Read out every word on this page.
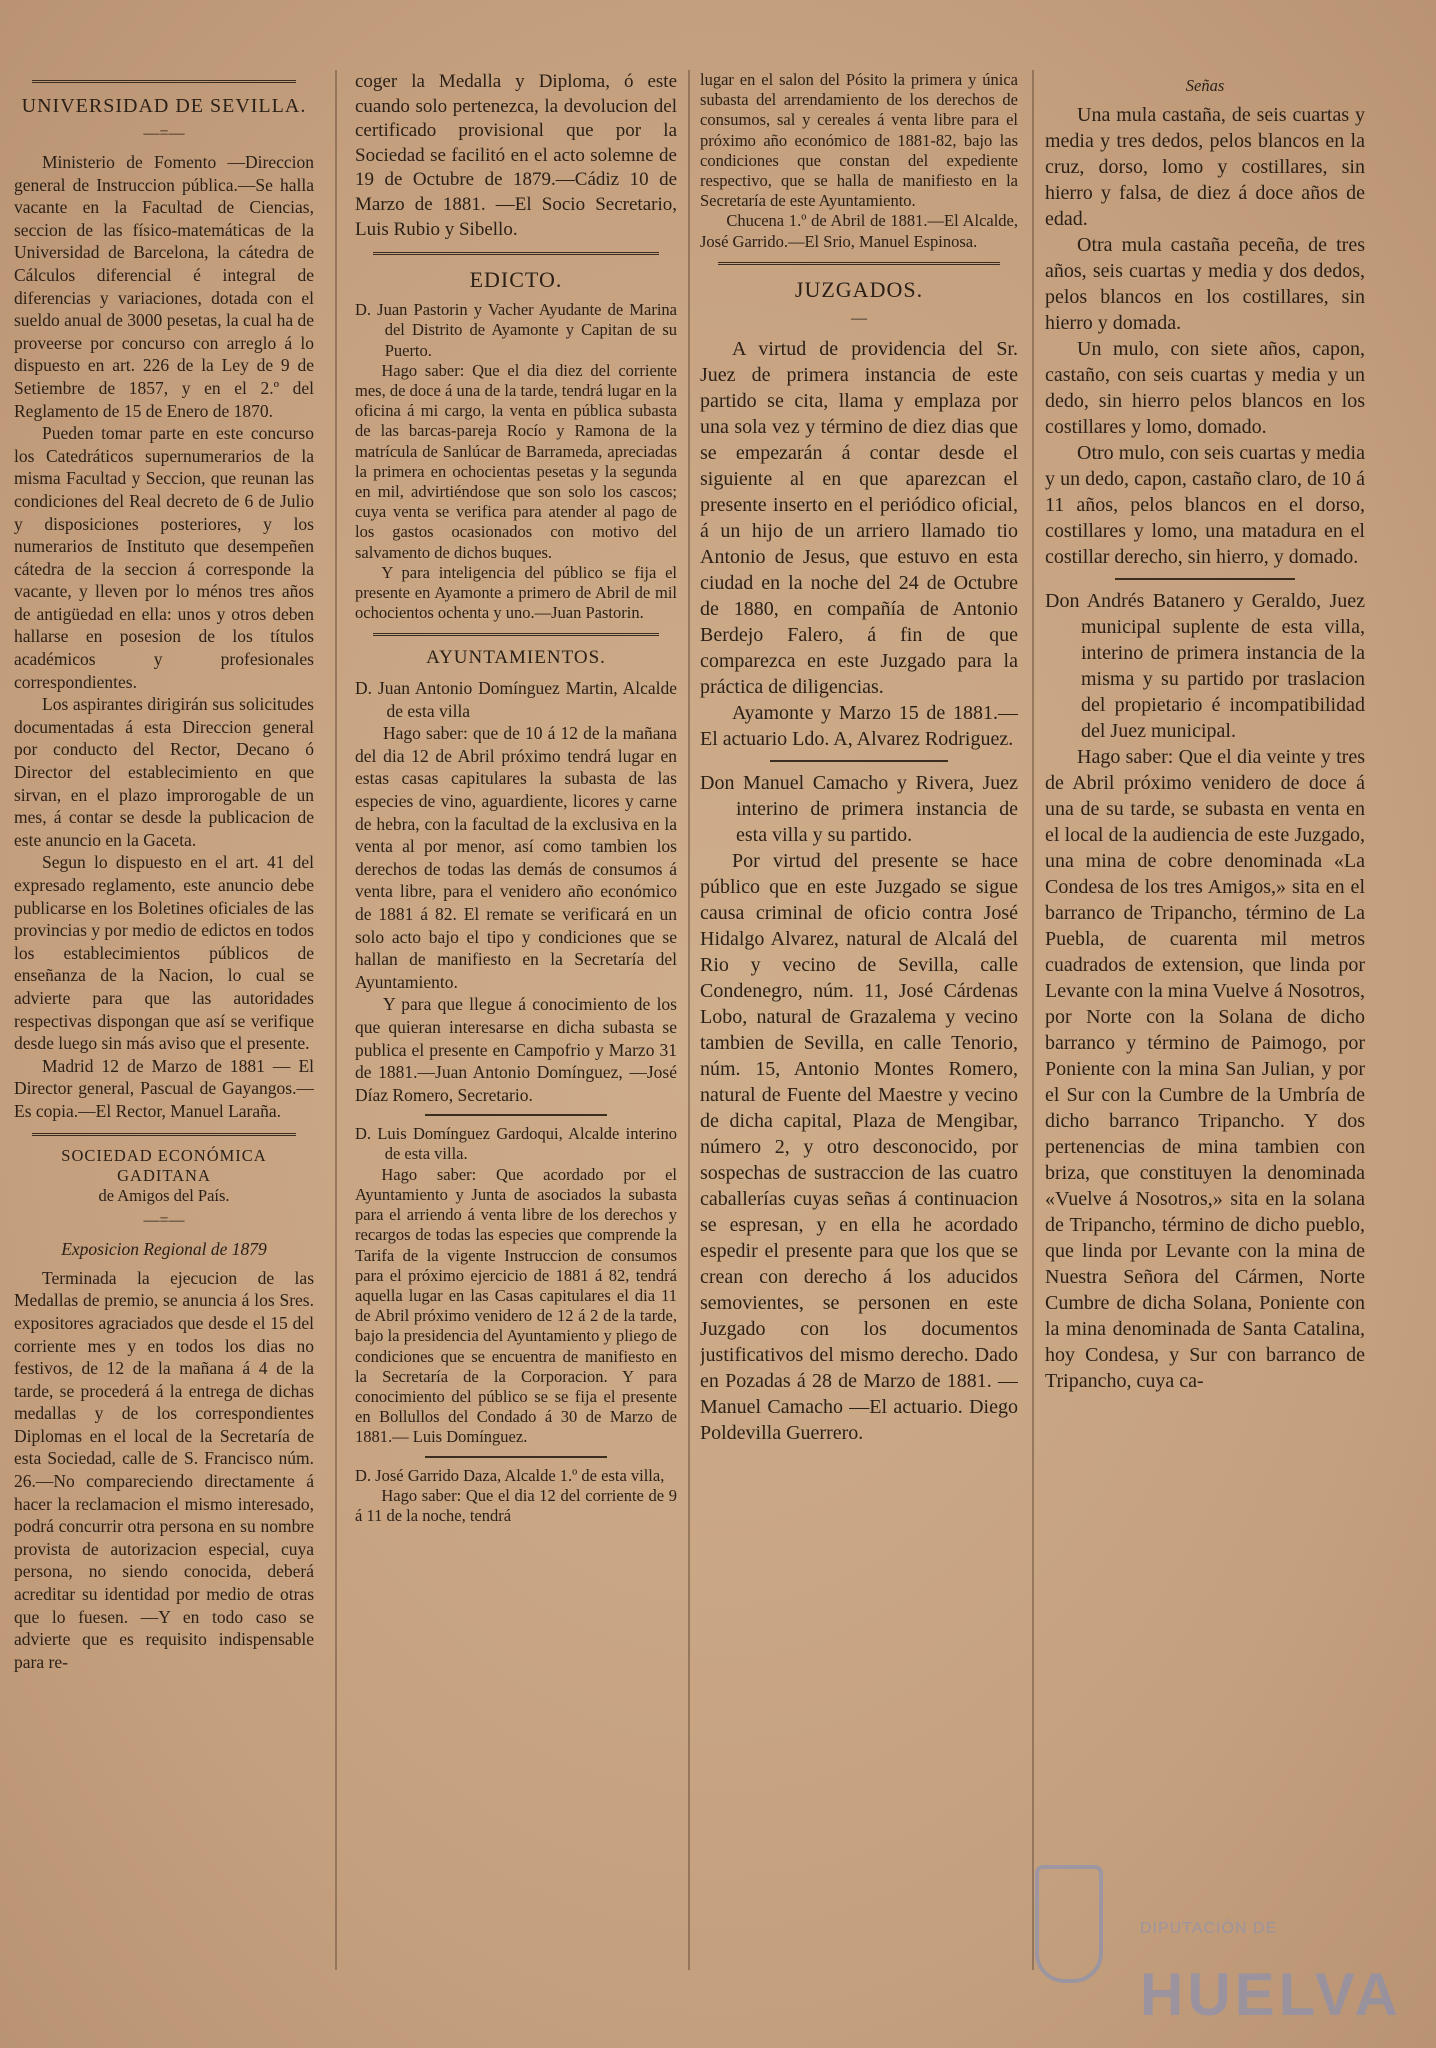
UNIVERSIDAD DE SEVILLA.
—=—

Ministerio de Fomento —Direccion general de Instruccion pública.—Se halla vacante en la Facultad de Ciencias, seccion de las físico-matemáticas de la Universidad de Barcelona, la cátedra de Cálculos diferencial é integral de diferencias y variaciones, dotada con el sueldo anual de 3000 pesetas, la cual ha de proveerse por concurso con arreglo á lo dispuesto en art. 226 de la Ley de 9 de Setiembre de 1857, y en el 2.º del Reglamento de 15 de Enero de 1870.

Pueden tomar parte en este concurso los Catedráticos supernumerarios de la misma Facultad y Seccion, que reunan las condiciones del Real decreto de 6 de Julio y disposiciones posteriores, y los numerarios de Instituto que desempeñen cátedra de la seccion á corresponde la vacante, y lleven por lo ménos tres años de antigüedad en ella: unos y otros deben hallarse en posesion de los títulos académicos y profesionales correspondientes.

Los aspirantes dirigirán sus solicitudes documentadas á esta Direccion general por conducto del Rector, Decano ó Director del establecimiento en que sirvan, en el plazo improrogable de un mes, á contar se desde la publicacion de este anuncio en la Gaceta.

Segun lo dispuesto en el art. 41 del expresado reglamento, este anuncio debe publicarse en los Boletines oficiales de las provincias y por medio de edictos en todos los establecimientos públicos de enseñanza de la Nacion, lo cual se advierte para que las autoridades respectivas dispongan que así se verifique desde luego sin más aviso que el presente.

Madrid 12 de Marzo de 1881 — El Director general, Pascual de Gayangos.—Es copia.—El Rector, Manuel Laraña.

SOCIEDAD ECONÓMICA GADITANA
de Amigos del País.
—=—
Exposicion Regional de 1879

Terminada la ejecucion de las Medallas de premio, se anuncia á los Sres. expositores agraciados que desde el 15 del corriente mes y en todos los dias no festivos, de 12 de la mañana á 4 de la tarde, se procederá á la entrega de dichas medallas y de los correspondientes Diplomas en el local de la Secretaría de esta Sociedad, calle de S. Francisco núm. 26.—No compareciendo directamente á hacer la reclamacion el mismo interesado, podrá concurrir otra persona en su nombre provista de autorizacion especial, cuya persona, no siendo conocida, deberá acreditar su identidad por medio de otras que lo fuesen. —Y en todo caso se advierte que es requisito indispensable para re-

coger la Medalla y Diploma, ó este cuando solo pertenezca, la devolucion del certificado provisional que por la Sociedad se facilitó en el acto solemne de 19 de Octubre de 1879.—Cádiz 10 de Marzo de 1881. —El Socio Secretario, Luis Rubio y Sibello.

EDICTO.

D. Juan Pastorin y Vacher Ayudante de Marina del Distrito de Ayamonte y Capitan de su Puerto.

Hago saber: Que el dia diez del corriente mes, de doce á una de la tarde, tendrá lugar en la oficina á mi cargo, la venta en pública subasta de las barcas-pareja Rocío y Ramona de la matrícula de Sanlúcar de Barrameda, apreciadas la primera en ochocientas pesetas y la segunda en mil, advirtiéndose que son solo los cascos; cuya venta se verifica para atender al pago de los gastos ocasionados con motivo del salvamento de dichos buques.

Y para inteligencia del público se fija el presente en Ayamonte a primero de Abril de mil ochocientos ochenta y uno.—Juan Pastorin.

AYUNTAMIENTOS.

D. Juan Antonio Domínguez Martin, Alcalde de esta villa

Hago saber: que de 10 á 12 de la mañana del dia 12 de Abril próximo tendrá lugar en estas casas capitulares la subasta de las especies de vino, aguardiente, licores y carne de hebra, con la facultad de la exclusiva en la venta al por menor, así como tambien los derechos de todas las demás de consumos á venta libre, para el venidero año económico de 1881 á 82. El remate se verificará en un solo acto bajo el tipo y condiciones que se hallan de manifiesto en la Secretaría del Ayuntamiento.

Y para que llegue á conocimiento de los que quieran interesarse en dicha subasta se publica el presente en Campofrio y Marzo 31 de 1881.—Juan Antonio Domínguez, —José Díaz Romero, Secretario.

D. Luis Domínguez Gardoqui, Alcalde interino de esta villa.

Hago saber: Que acordado por el Ayuntamiento y Junta de asociados la subasta para el arriendo á venta libre de los derechos y recargos de todas las especies que comprende la Tarifa de la vigente Instruccion de consumos para el próximo ejercicio de 1881 á 82, tendrá aquella lugar en las Casas capitulares el dia 11 de Abril próximo venidero de 12 á 2 de la tarde, bajo la presidencia del Ayuntamiento y pliego de condiciones que se encuentra de manifiesto en la Secretaría de la Corporacion. Y para conocimiento del público se se fija el presente en Bollullos del Condado á 30 de Marzo de 1881.— Luis Domínguez.

D. José Garrido Daza, Alcalde 1.º de esta villa,

Hago saber: Que el dia 12 del corriente de 9 á 11 de la noche, tendrá

lugar en el salon del Pósito la primera y única subasta del arrendamiento de los derechos de consumos, sal y cereales á venta libre para el próximo año económico de 1881-82, bajo las condiciones que constan del expediente respectivo, que se halla de manifiesto en la Secretaría de este Ayuntamiento.

Chucena 1.º de Abril de 1881.—El Alcalde, José Garrido.—El Srio, Manuel Espinosa.

JUZGADOS.
—

A virtud de providencia del Sr. Juez de primera instancia de este partido se cita, llama y emplaza por una sola vez y término de diez dias que se empezarán á contar desde el siguiente al en que aparezcan el presente inserto en el periódico oficial, á un hijo de un arriero llamado tio Antonio de Jesus, que estuvo en esta ciudad en la noche del 24 de Octubre de 1880, en compañía de Antonio Berdejo Falero, á fin de que comparezca en este Juzgado para la práctica de diligencias.

Ayamonte y Marzo 15 de 1881.—El actuario Ldo. A, Alvarez Rodriguez.

Don Manuel Camacho y Rivera, Juez interino de primera instancia de esta villa y su partido.

Por virtud del presente se hace público que en este Juzgado se sigue causa criminal de oficio contra José Hidalgo Alvarez, natural de Alcalá del Rio y vecino de Sevilla, calle Condenegro, núm. 11, José Cárdenas Lobo, natural de Grazalema y vecino tambien de Sevilla, en calle Tenorio, núm. 15, Antonio Montes Romero, natural de Fuente del Maestre y vecino de dicha capital, Plaza de Mengibar, número 2, y otro desconocido, por sospechas de sustraccion de las cuatro caballerías cuyas señas á continuacion se espresan, y en ella he acordado espedir el presente para que los que se crean con derecho á los aducidos semovientes, se personen en este Juzgado con los documentos justificativos del mismo derecho. Dado en Pozadas á 28 de Marzo de 1881. —Manuel Camacho —El actuario. Diego Poldevilla Guerrero.

Señas

Una mula castaña, de seis cuartas y media y tres dedos, pelos blancos en la cruz, dorso, lomo y costillares, sin hierro y falsa, de diez á doce años de edad.

Otra mula castaña peceña, de tres años, seis cuartas y media y dos dedos, pelos blancos en los costillares, sin hierro y domada.

Un mulo, con siete años, capon, castaño, con seis cuartas y media y un dedo, sin hierro pelos blancos en los costillares y lomo, domado.

Otro mulo, con seis cuartas y media y un dedo, capon, castaño claro, de 10 á 11 años, pelos blancos en el dorso, costillares y lomo, una matadura en el costillar derecho, sin hierro, y domado.

Don Andrés Batanero y Geraldo, Juez municipal suplente de esta villa, interino de primera instancia de la misma y su partido por traslacion del propietario é incompatibilidad del Juez municipal.

Hago saber: Que el dia veinte y tres de Abril próximo venidero de doce á una de su tarde, se subasta en venta en el local de la audiencia de este Juzgado, una mina de cobre denominada «La Condesa de los tres Amigos,» sita en el barranco de Tripancho, término de La Puebla, de cuarenta mil metros cuadrados de extension, que linda por Levante con la mina Vuelve á Nosotros, por Norte con la Solana de dicho barranco y término de Paimogo, por Poniente con la mina San Julian, y por el Sur con la Cumbre de la Umbría de dicho barranco Tripancho. Y dos pertenencias de mina tambien con briza, que constituyen la denominada «Vuelve á Nosotros,» sita en la solana de Tripancho, término de dicho pueblo, que linda por Levante con la mina de Nuestra Señora del Cármen, Norte Cumbre de dicha Solana, Poniente con la mina denominada de Santa Catalina, hoy Condesa, y Sur con barranco de Tripancho, cuya ca-

DIPUTACIÓN DE
HUELVA
